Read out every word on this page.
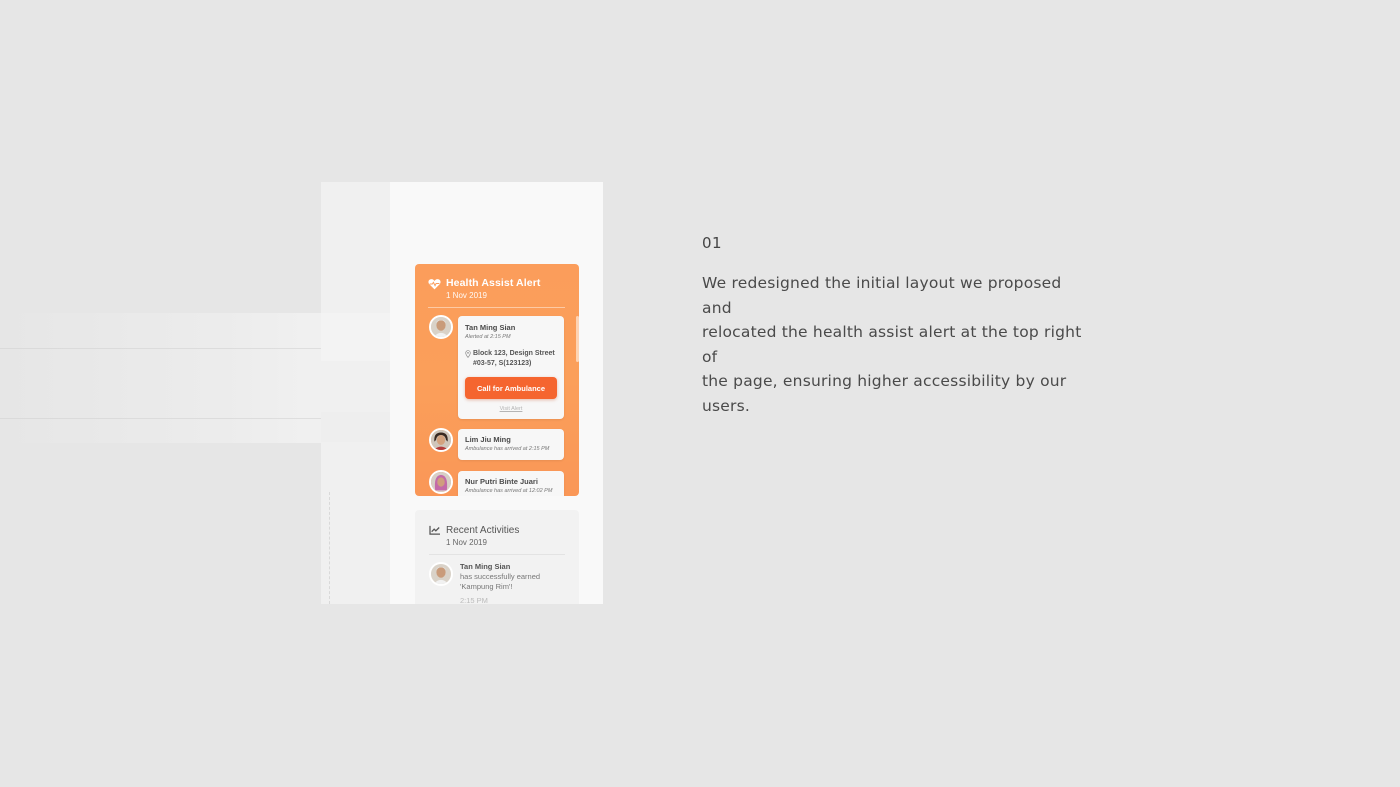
Health Assist Alert
1 Nov 2019
Tan Ming Sian
Alerted at 2:15 PM
Block 123, Design Street
#03-57, S(123123)
Call for Ambulance
Visit Alert
Lim Jiu Ming
Ambulance has arrived at 2:15 PM
Nur Putri Binte Juari
Ambulance has arrived at 12:02 PM
Recent Activities
1 Nov 2019
Tan Ming Sian
has successfully earned
'Kampung Rim'!
2:15 PM
01
We redesigned the initial layout we proposed and
relocated the health assist alert at the top right of
the page, ensuring higher accessibility by our users.
